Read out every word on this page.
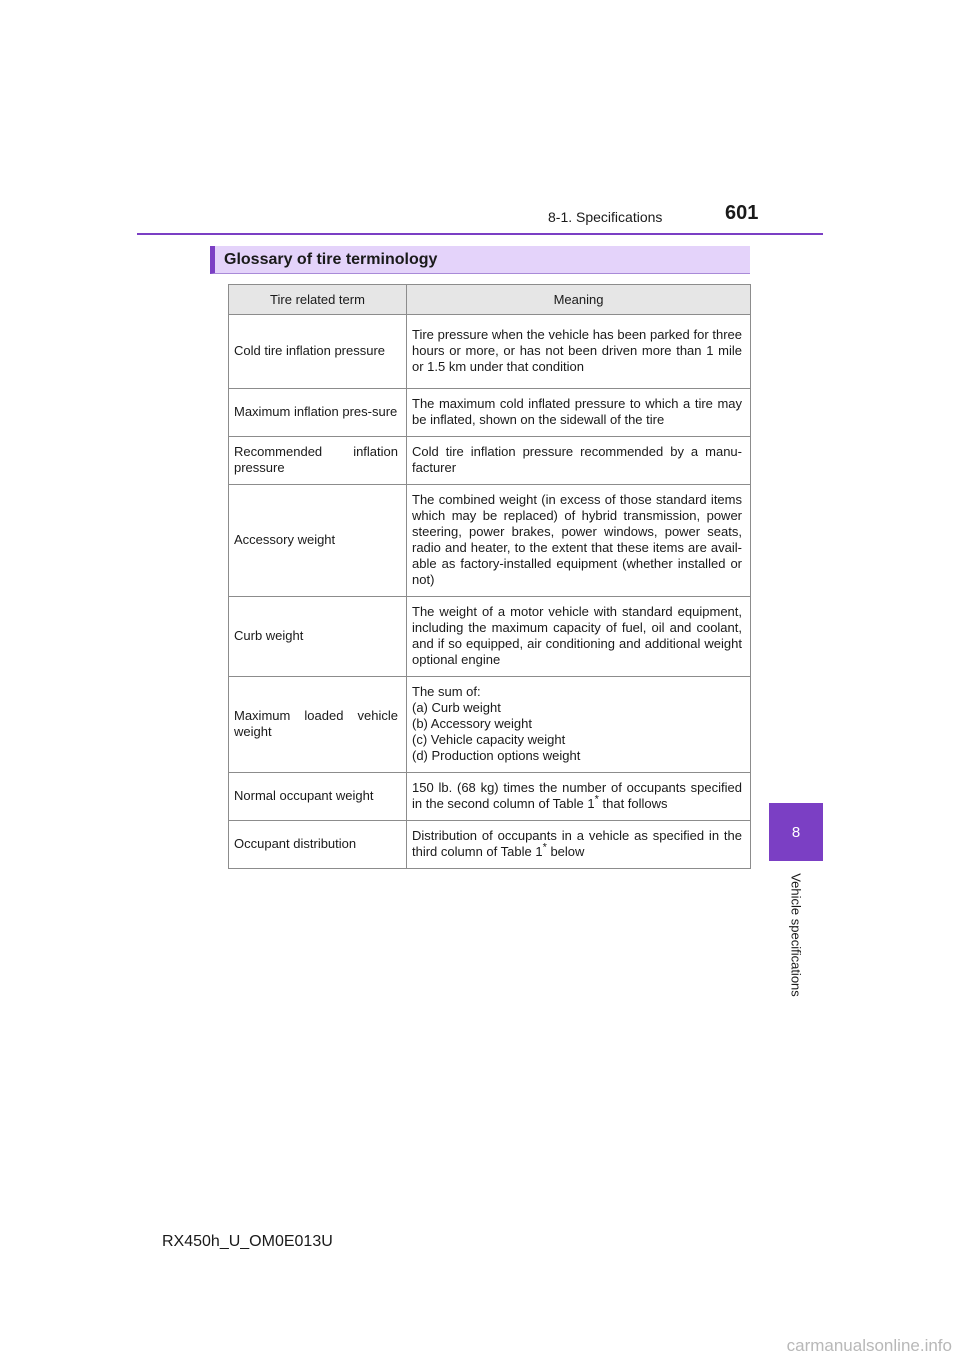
8-1. Specifications	601
8
Vehicle specifications
Glossary of tire terminology
Tire related term	Meaning
Cold tire inflation pressure	Tire pressure when the vehicle has been parked for three hours or more, or has not been driven more than 1 mile or 1.5 km under that condition
Maximum inflation pres-sure	The maximum cold inflated pressure to which a tire may be inflated, shown on the sidewall of the tire
Recommended inflation pressure	Cold tire inflation pressure recommended by a manu-facturer
Accessory weight	The combined weight (in excess of those standard items which may be replaced) of hybrid transmission, power steering, power brakes, power windows, power seats, radio and heater, to the extent that these items are avail-able as factory-installed equipment (whether installed or not)
Curb weight	The weight of a motor vehicle with standard equipment, including the maximum capacity of fuel, oil and coolant, and if so equipped, air conditioning and additional weight optional engine
Maximum loaded vehicle weight	The sum of:
(a) Curb weight
(b) Accessory weight
(c) Vehicle capacity weight
(d) Production options weight

Normal occupant weight	150 lb. (68 kg) times the number of occupants specified in the second column of Table 1* that follows
Occupant distribution	Distribution of occupants in a vehicle as specified in the third column of Table 1* below
RX450h_U_OM0E013U
carmanualsonline.info
